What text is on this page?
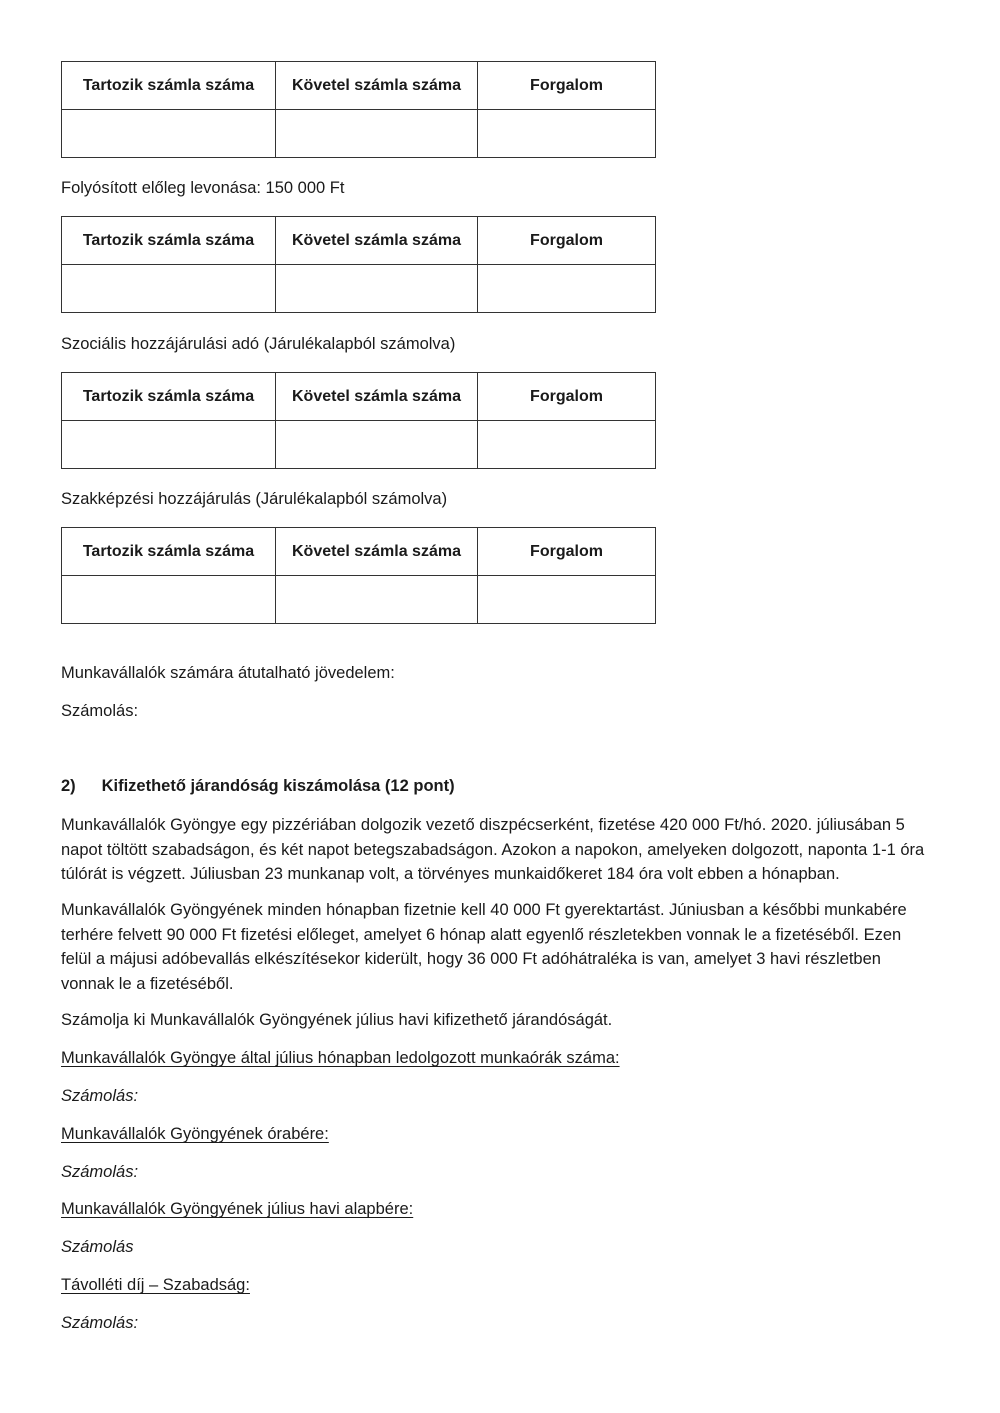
Tartozik számla száma	Követel számla száma	Forgalom

Folyósított előleg levonása: 150 000 Ft
Tartozik számla száma	Követel számla száma	Forgalom

Szociális hozzájárulási adó (Járulékalapból számolva)
Tartozik számla száma	Követel számla száma	Forgalom

Szakképzési hozzájárulás (Járulékalapból számolva)
Tartozik számla száma	Követel számla száma	Forgalom

Munkavállalók számára átutalható jövedelem:
Számolás:
2) Kifizethető járandóság kiszámolása (12 pont)
Munkavállalók Gyöngye egy pizzériában dolgozik vezető diszpécserként, fizetése 420 000 Ft/hó. 2020. júliusában 5 napot töltött szabadságon, és két napot betegszabadságon. Azokon a napokon, amelyeken dolgozott, naponta 1-1 óra túlórát is végzett. Júliusban 23 munkanap volt, a törvényes munkaidőkeret 184 óra volt ebben a hónapban.
Munkavállalók Gyöngyének minden hónapban fizetnie kell 40 000 Ft gyerektartást. Júniusban a későbbi munkabére terhére felvett 90 000 Ft fizetési előleget, amelyet 6 hónap alatt egyenlő részletekben vonnak le a fizetéséből. Ezen felül a májusi adóbevallás elkészítésekor kiderült, hogy 36 000 Ft adóhátraléka is van, amelyet 3 havi részletben vonnak le a fizetéséből.
Számolja ki Munkavállalók Gyöngyének július havi kifizethető járandóságát.
Munkavállalók Gyöngye által július hónapban ledolgozott munkaórák száma:
Számolás:
Munkavállalók Gyöngyének órabére:
Számolás:
Munkavállalók Gyöngyének július havi alapbére:
Számolás
Távolléti díj – Szabadság:
Számolás:
